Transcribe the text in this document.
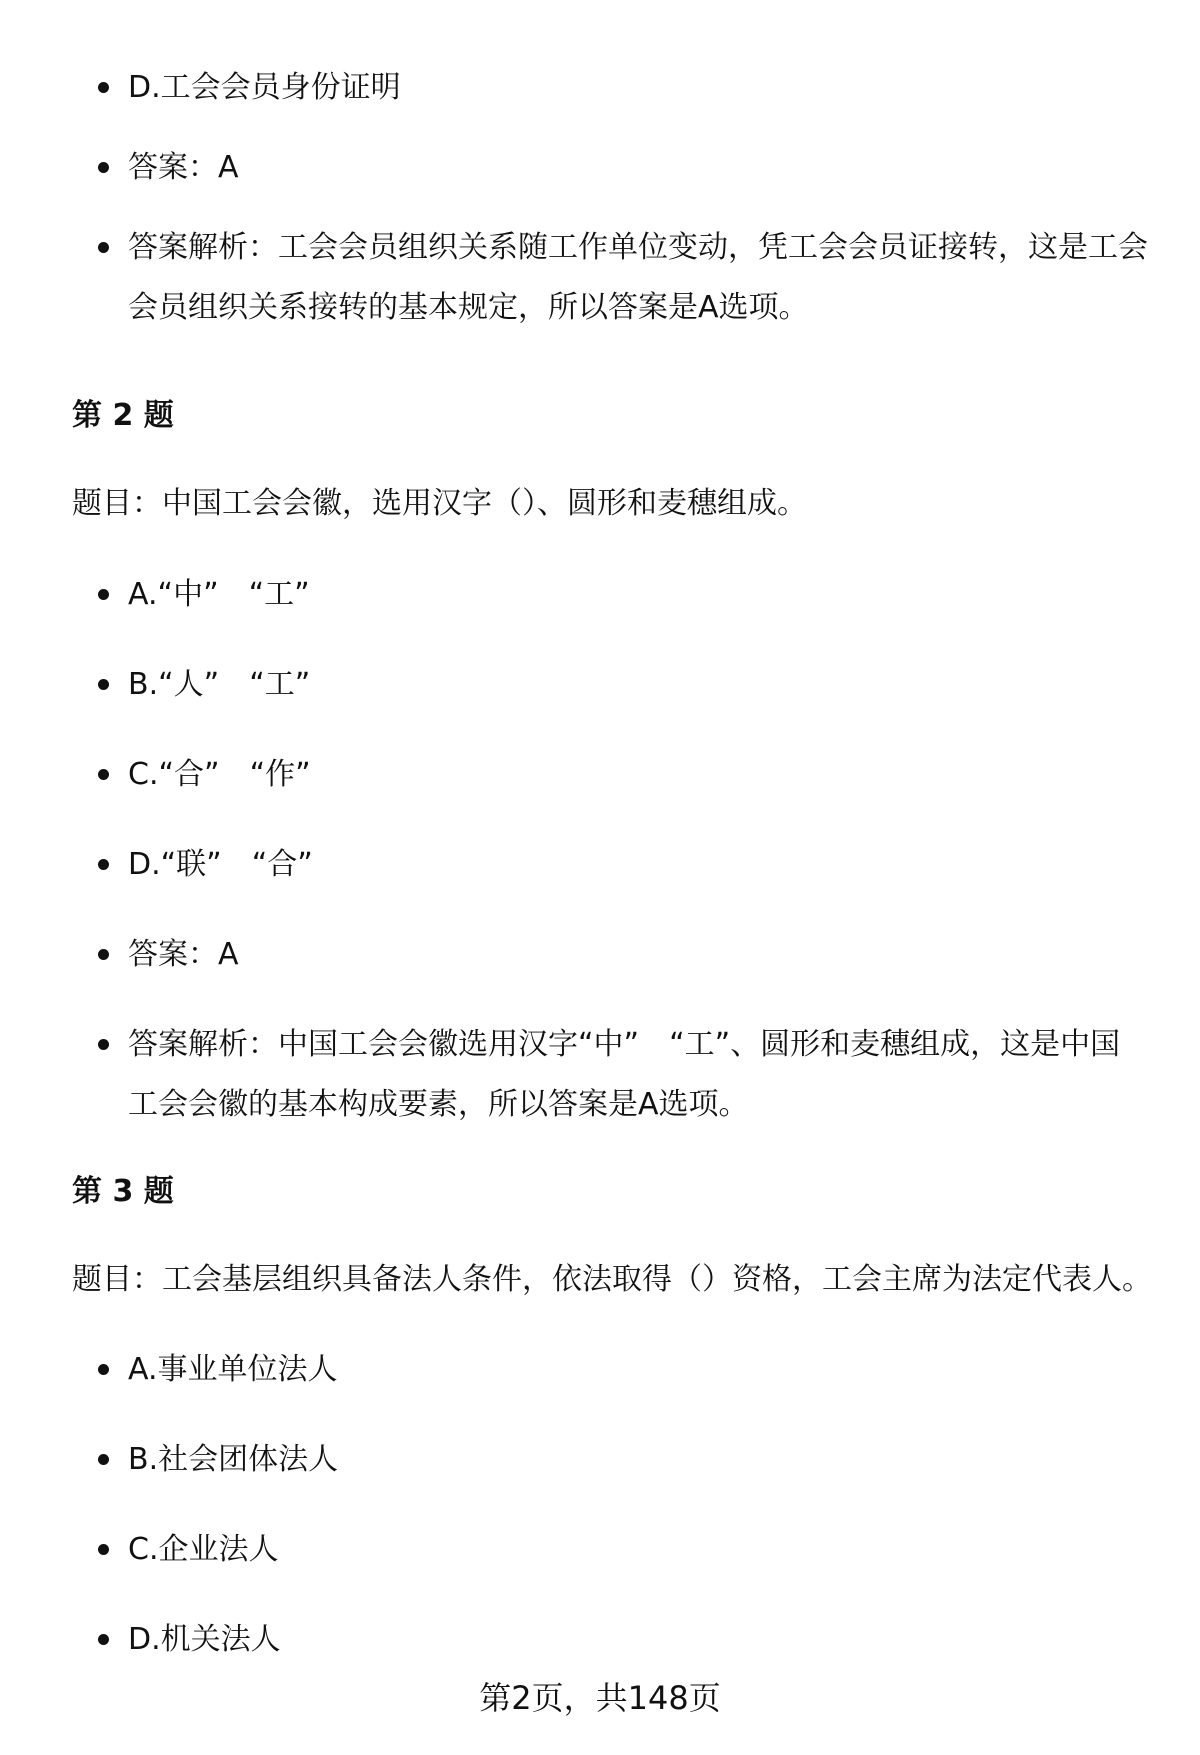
D.工会会员身份证明
答案：A
答案解析：工会会员组织关系随工作单位变动，凭工会会员证接转，这是工会会员组织关系接转的基本规定，所以答案是A选项。
第 2 题
题目：中国工会会徽，选用汉字（）、圆形和麦穗组成。
A.“中”　“工”
B.“人”　“工”
C.“合”　“作”
D.“联”　“合”
答案：A
答案解析：中国工会会徽选用汉字“中”　“工”、圆形和麦穗组成，这是中国工会会徽的基本构成要素，所以答案是A选项。
第 3 题
题目：工会基层组织具备法人条件，依法取得（）资格，工会主席为法定代表人。
A.事业单位法人
B.社会团体法人
C.企业法人
D.机关法人
第2页，共148页
